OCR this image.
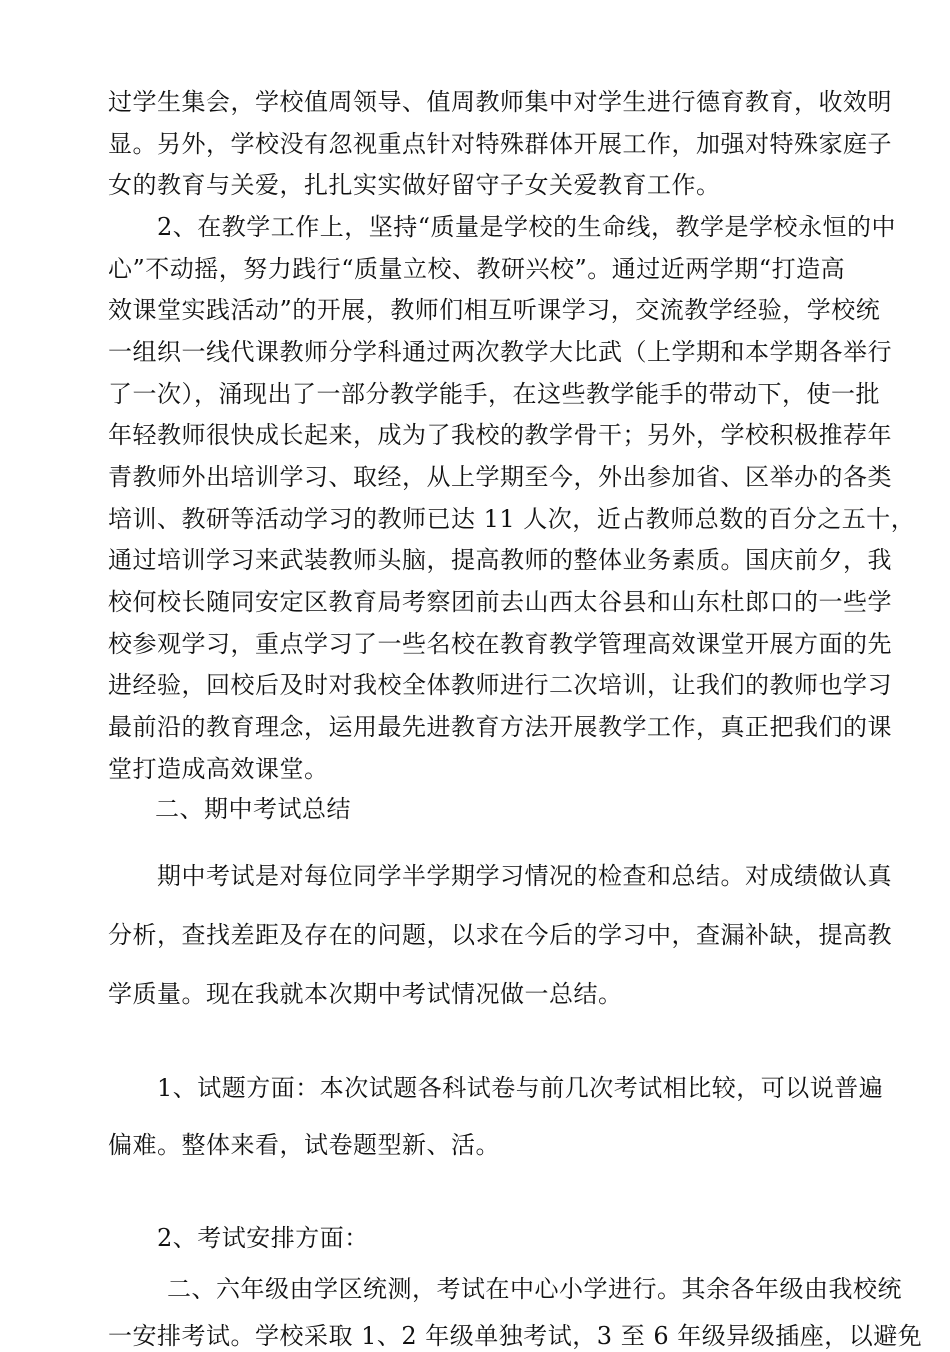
过学生集会，学校值周领导、值周教师集中对学生进行德育教育，收效明
显。另外，学校没有忽视重点针对特殊群体开展工作，加强对特殊家庭子
女的教育与关爱，扎扎实实做好留守子女关爱教育工作。
2、在教学工作上，坚持“质量是学校的生命线，教学是学校永恒的中
心”不动摇，努力践行“质量立校、教研兴校”。通过近两学期“打造高
效课堂实践活动”的开展，教师们相互听课学习，交流教学经验，学校统
一组织一线代课教师分学科通过两次教学大比武（上学期和本学期各举行
了一次），涌现出了一部分教学能手，在这些教学能手的带动下，使一批
年轻教师很快成长起来，成为了我校的教学骨干；另外，学校积极推荐年
青教师外出培训学习、取经，从上学期至今，外出参加省、区举办的各类
培训、教研等活动学习的教师已达 11 人次，近占教师总数的百分之五十，
通过培训学习来武装教师头脑，提高教师的整体业务素质。国庆前夕，我
校何校长随同安定区教育局考察团前去山西太谷县和山东杜郎口的一些学
校参观学习，重点学习了一些名校在教育教学管理高效课堂开展方面的先
进经验，回校后及时对我校全体教师进行二次培训，让我们的教师也学习
最前沿的教育理念，运用最先进教育方法开展教学工作，真正把我们的课
堂打造成高效课堂。
二、期中考试总结
期中考试是对每位同学半学期学习情况的检查和总结。对成绩做认真
分析，查找差距及存在的问题，以求在今后的学习中，查漏补缺，提高教
学质量。现在我就本次期中考试情况做一总结。
1、试题方面：本次试题各科试卷与前几次考试相比较，可以说普遍
偏难。整体来看，试卷题型新、活。
2、考试安排方面：
二、六年级由学区统测，考试在中心小学进行。其余各年级由我校统
一安排考试。学校采取 1、2 年级单独考试，3 至 6 年级异级插座，以避免
